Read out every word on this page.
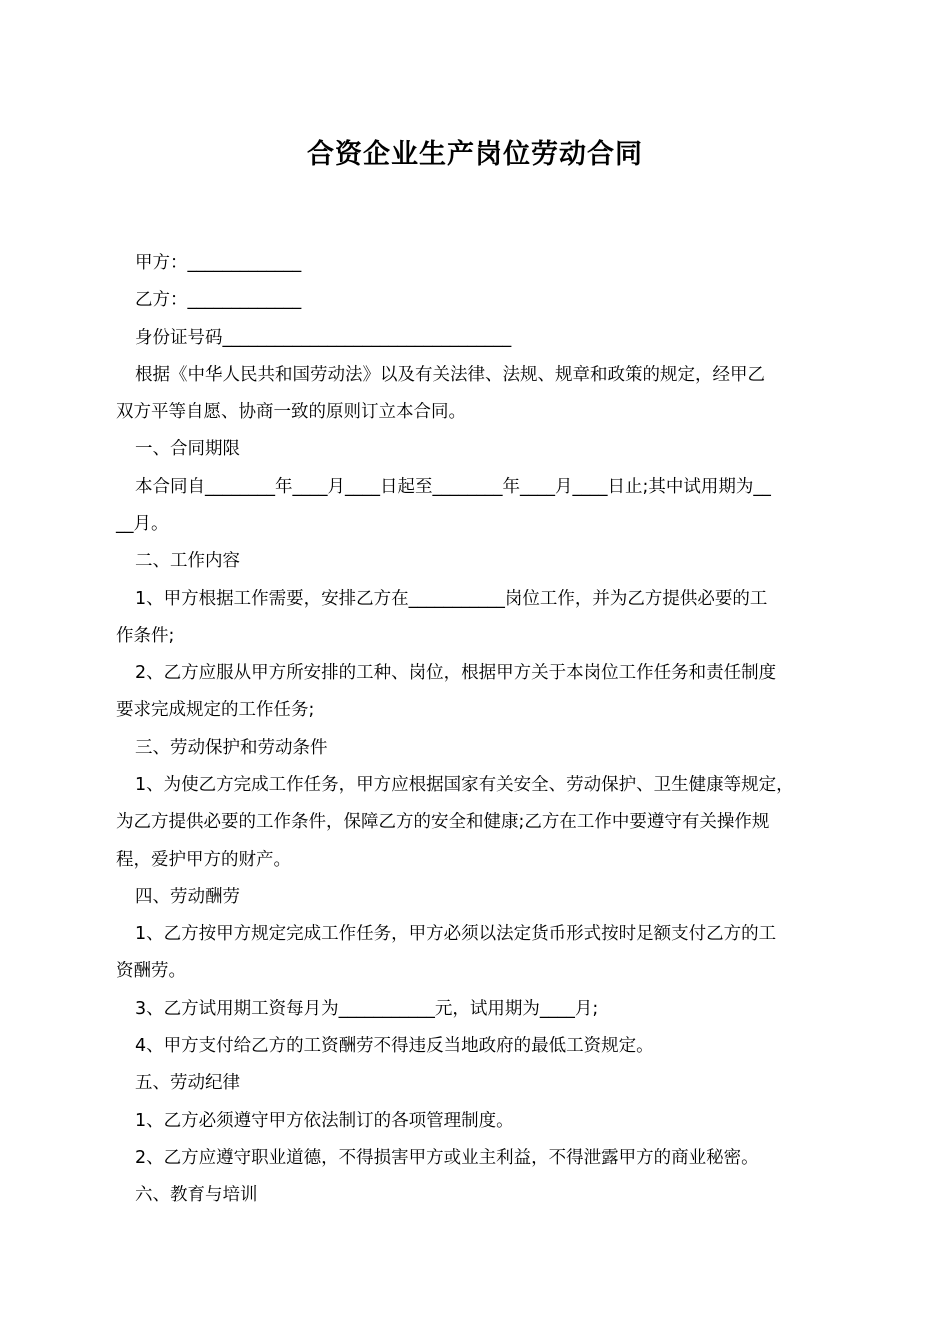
合资企业生产岗位劳动合同
甲方：_____________
乙方：_____________
身份证号码_________________________________
根据《中华人民共和国劳动法》以及有关法律、法规、规章和政策的规定，经甲乙
双方平等自愿、协商一致的原则订立本合同。
一、合同期限
本合同自________年____月____日起至________年____月____日止;其中试用期为__
__月。
二、工作内容
1、甲方根据工作需要，安排乙方在___________岗位工作，并为乙方提供必要的工
作条件;
2、乙方应服从甲方所安排的工种、岗位，根据甲方关于本岗位工作任务和责任制度
要求完成规定的工作任务;
三、劳动保护和劳动条件
1、为使乙方完成工作任务，甲方应根据国家有关安全、劳动保护、卫生健康等规定，
为乙方提供必要的工作条件，保障乙方的安全和健康;乙方在工作中要遵守有关操作规
程，爱护甲方的财产。
四、劳动酬劳
1、乙方按甲方规定完成工作任务，甲方必须以法定货币形式按时足额支付乙方的工
资酬劳。
3、乙方试用期工资每月为___________元，试用期为____月;
4、甲方支付给乙方的工资酬劳不得违反当地政府的最低工资规定。
五、劳动纪律
1、乙方必须遵守甲方依法制订的各项管理制度。
2、乙方应遵守职业道德，不得损害甲方或业主利益，不得泄露甲方的商业秘密。
六、教育与培训
